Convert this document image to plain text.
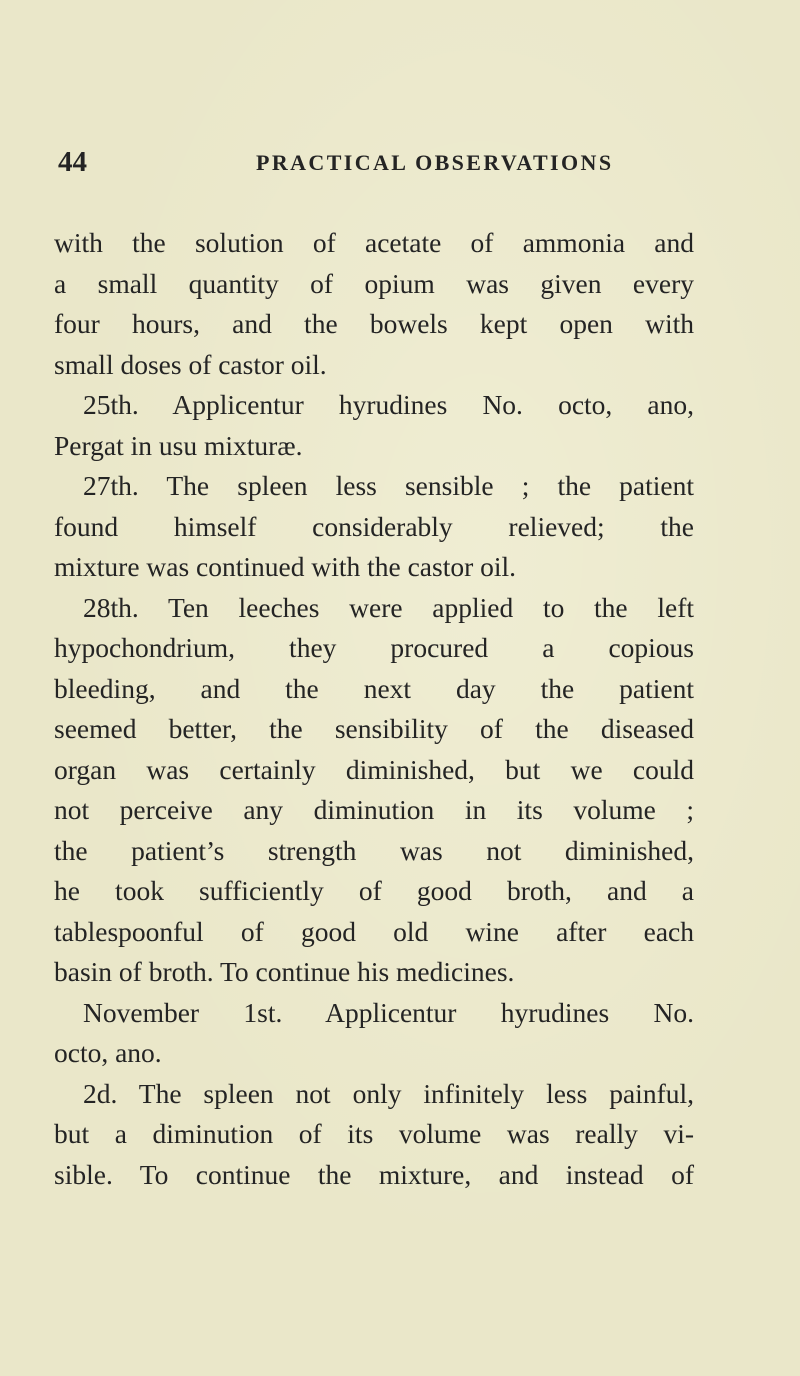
44	PRACTICAL OBSERVATIONS
with the solution of acetate of ammonia and
a small quantity of opium was given every
four hours, and the bowels kept open with
small doses of castor oil.
25th. Applicentur hyrudines No. octo, ano,
Pergat in usu mixturæ.
27th. The spleen less sensible ; the patient
found himself considerably relieved; the
mixture was continued with the castor oil.
28th. Ten leeches were applied to the left
hypochondrium, they procured a copious
bleeding, and the next day the patient
seemed better, the sensibility of the diseased
organ was certainly diminished, but we could
not perceive any diminution in its volume ;
the patient’s strength was not diminished,
he took sufficiently of good broth, and a
tablespoonful of good old wine after each
basin of broth. To continue his medicines.
November 1st. Applicentur hyrudines No.
octo, ano.
2d. The spleen not only infinitely less painful,
but a diminution of its volume was really vi-
sible. To continue the mixture, and instead of
